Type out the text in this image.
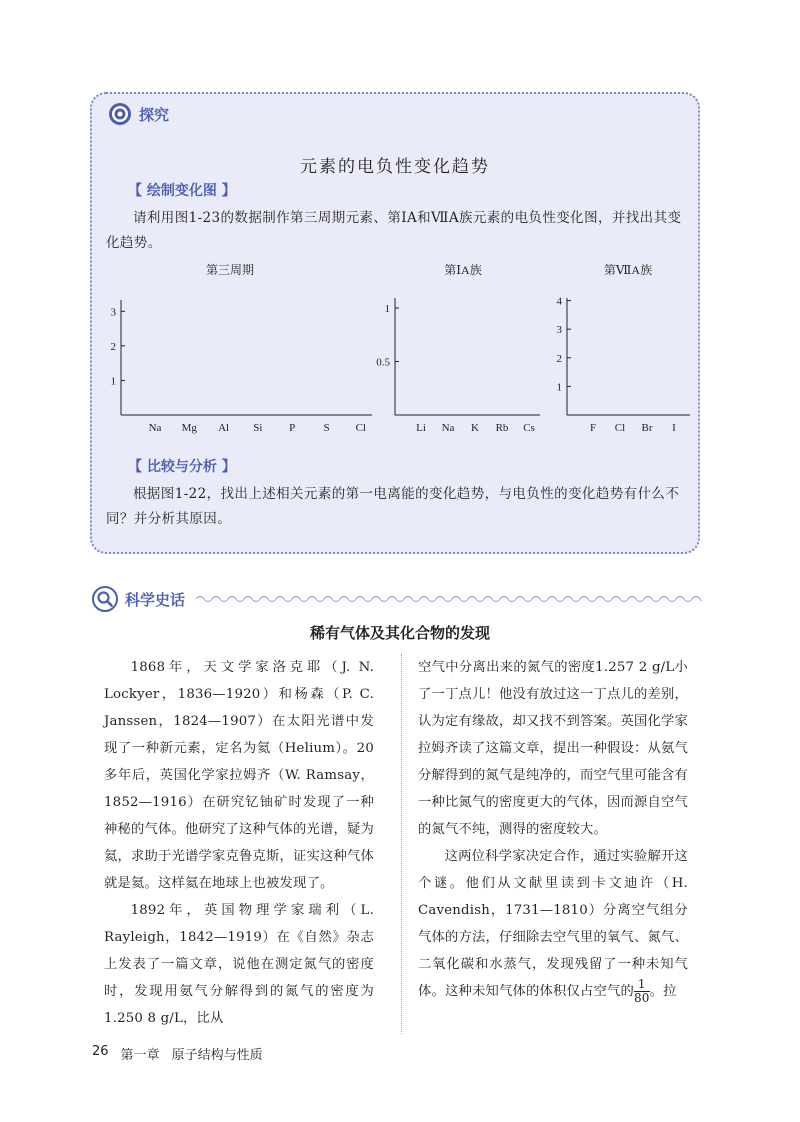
探究
元素的电负性变化趋势
【 绘制变化图 】

请利用图1-23的数据制作第三周期元素、第ⅠA和ⅦA族元素的电负性变化图，并找出其变化趋势。

【 比较与分析 】

根据图1-22，找出上述相关元素的第一电离能的变化趋势，与电负性的变化趋势有什么不同？并分析其原因。

第三周期
1
2
3
Na Mg Al Si P	S Cl
第ⅠA族
0.5
1
Li Na K Rb Cs
第ⅦA族
1
2
3
4
F Cl Br I
科学史话
稀有气体及其化合物的发现

1868年，天文学家洛克耶（J. N. Lockyer，1836—1920）和杨森（P. C. Janssen，1824—1907）在太阳光谱中发现了一种新元素，定名为氦（Helium）。20多年后，英国化学家拉姆齐（W. Ramsay，1852—1916）在研究钇铀矿时发现了一种神秘的气体。他研究了这种气体的光谱，疑为氦，求助于光谱学家克鲁克斯，证实这种气体就是氦。这样氦在地球上也被发现了。

1892年，英国物理学家瑞利（L. Rayleigh，1842—1919）在《自然》杂志上发表了一篇文章，说他在测定氮气的密度时，发现用氨气分解得到的氮气的密度为1.250 8 g/L，比从

空气中分离出来的氮气的密度1.257 2 g/L小了一丁点儿！他没有放过这一丁点儿的差别，认为定有缘故，却又找不到答案。英国化学家拉姆齐读了这篇文章，提出一种假设：从氨气分解得到的氮气是纯净的，而空气里可能含有一种比氮气的密度更大的气体，因而源自空气的氮气不纯，测得的密度较大。

这两位科学家决定合作，通过实验解开这个谜。他们从文献里读到卡文迪许（H. Cavendish，1731—1810）分离空气组分气体的方法，仔细除去空气里的氧气、氮气、二氧化碳和水蒸气，发现残留了一种未知气体。这种未知气体的体积仅占空气的 $\frac{1}{80}$ 。拉

26 第一章 原子结构与性质
